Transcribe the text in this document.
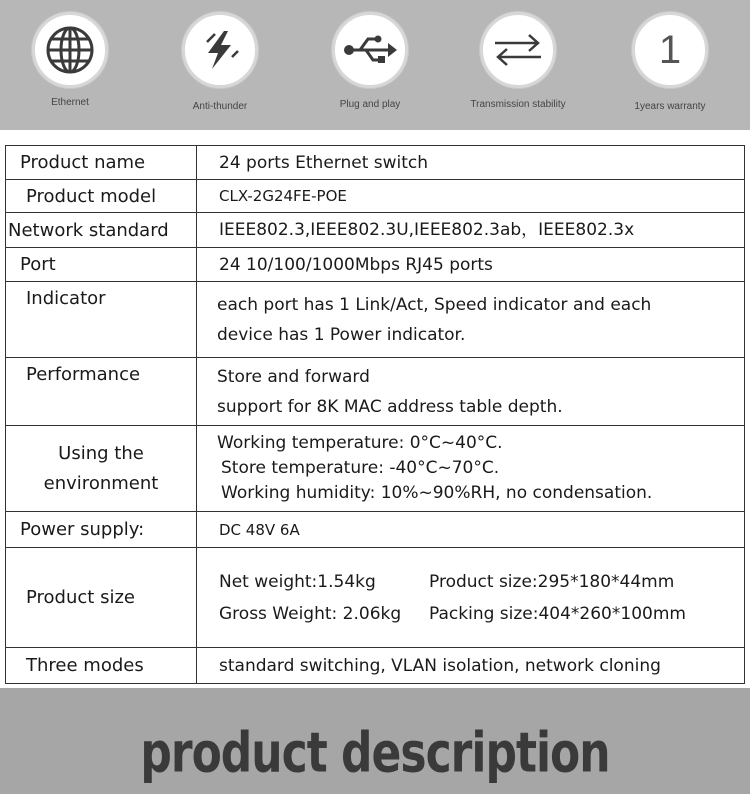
Ethernet	Anti-thunder	Plug and play	Transmission stability
1
1years warranty
Product name	24 ports Ethernet switch
Product model	CLX-2G24FE-POE
Network standard	IEEE802.3,IEEE802.3U,IEEE802.3ab，IEEE802.3x
Port	24 10/100/1000Mbps RJ45 ports
Indicator	each port has 1 Link/Act, Speed indicator and each
device has 1 Power indicator.

Performance	Store and forward
support for 8K MAC address table depth.

Using the
environment	Working temperature: 0°C~40°C.
Store temperature: -40°C~70°C.
Working humidity: 10%~90%RH, no condensation.

Power supply:	DC 48V 6A
Product size	Net weight:1.54kg Product size:295*180*44mm
Gross Weight: 2.06kg Packing size:404*260*100mm

Three modes	standard switching, VLAN isolation, network cloning
product description
